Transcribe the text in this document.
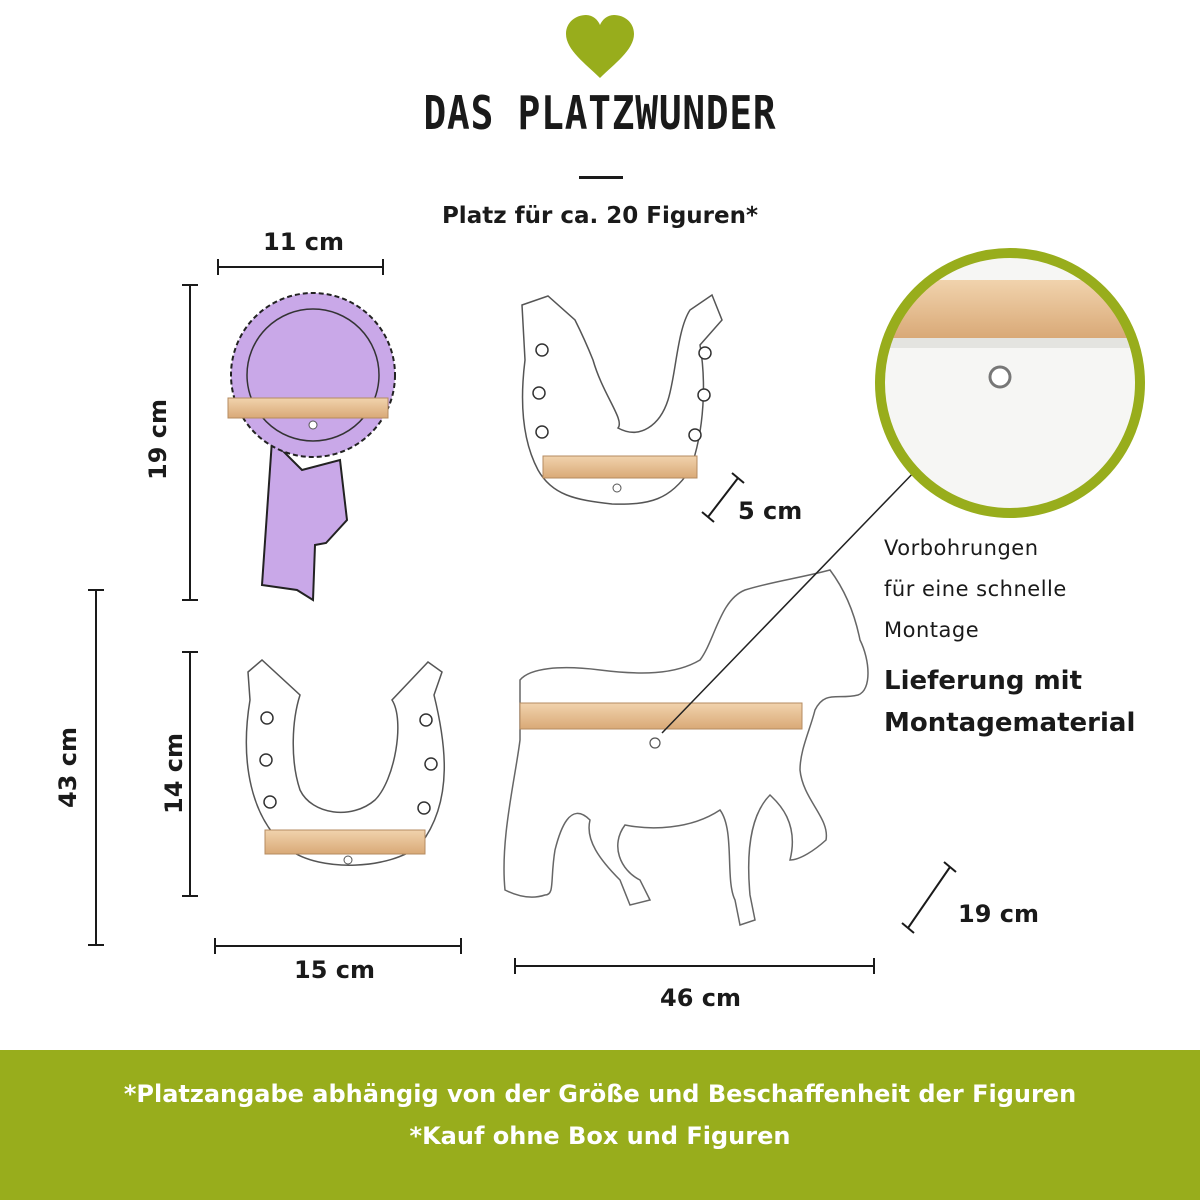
DAS PLATZWUNDER
Platz für ca. 20 Figuren*
11 cm
19 cm
43 cm	14 cm
15 cm
46 cm
5 cm
19 cm
Vorbohrungen
für eine schnelle
Montage
Lieferung mit
Montagematerial
*Platzangabe abhängig von der Größe und Beschaffenheit der Figuren
*Kauf ohne Box und Figuren
